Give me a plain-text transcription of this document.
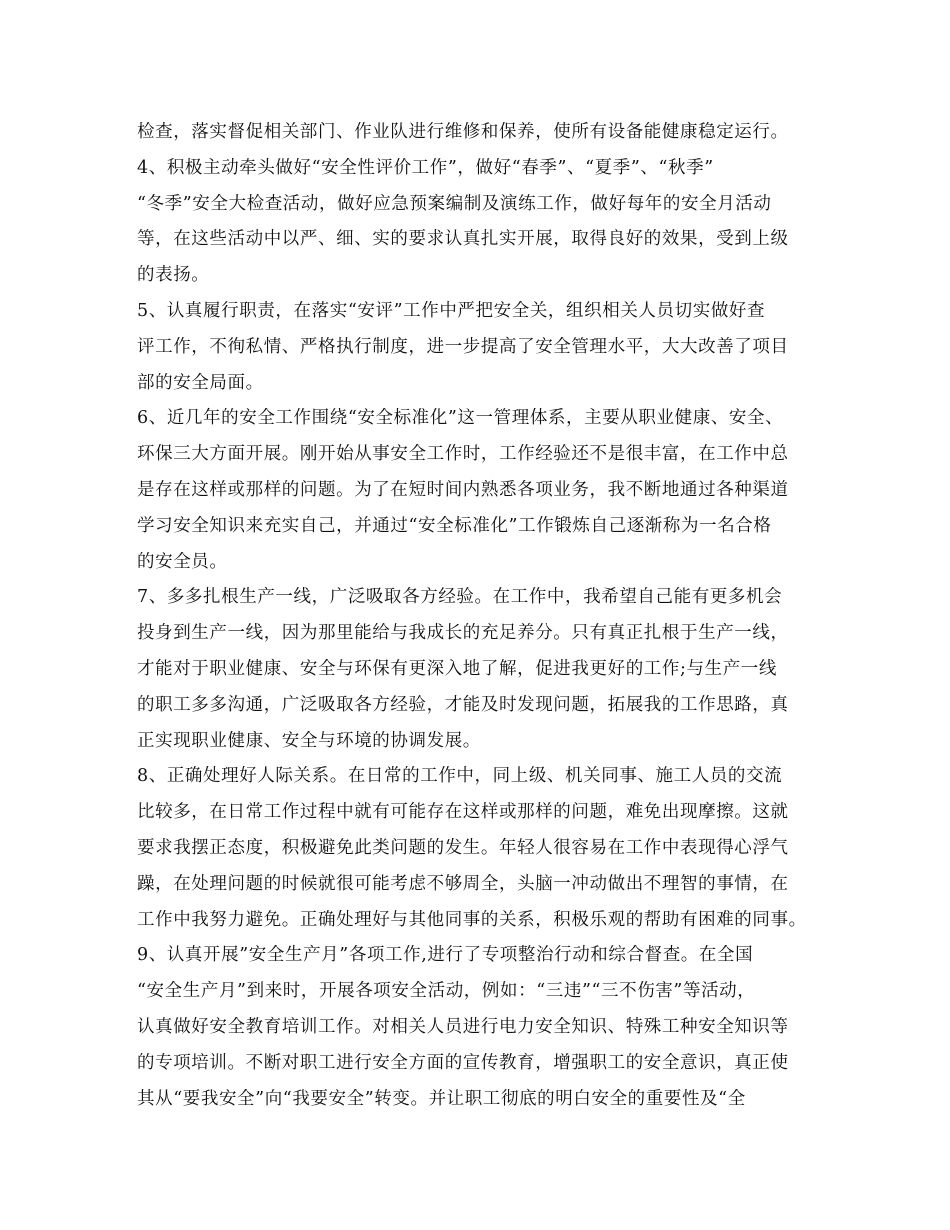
检查，落实督促相关部门、作业队进行维修和保养，使所有设备能健康稳定运行。
4、积极主动牵头做好“安全性评价工作”，做好“春季”、“夏季”、“秋季”
“冬季”安全大检查活动，做好应急预案编制及演练工作，做好每年的安全月活动
等，在这些活动中以严、细、实的要求认真扎实开展，取得良好的效果，受到上级
的表扬。
5、认真履行职责，在落实“安评”工作中严把安全关，组织相关人员切实做好查
评工作，不徇私情、严格执行制度，进一步提高了安全管理水平，大大改善了项目
部的安全局面。
6、近几年的安全工作围绕“安全标准化”这一管理体系，主要从职业健康、安全、
环保三大方面开展。刚开始从事安全工作时，工作经验还不是很丰富，在工作中总
是存在这样或那样的问题。为了在短时间内熟悉各项业务，我不断地通过各种渠道
学习安全知识来充实自己，并通过“安全标准化”工作锻炼自己逐渐称为一名合格
的安全员。
7、多多扎根生产一线，广泛吸取各方经验。在工作中，我希望自己能有更多机会
投身到生产一线，因为那里能给与我成长的充足养分。只有真正扎根于生产一线，
才能对于职业健康、安全与环保有更深入地了解，促进我更好的工作;与生产一线
的职工多多沟通，广泛吸取各方经验，才能及时发现问题，拓展我的工作思路，真
正实现职业健康、安全与环境的协调发展。
8、正确处理好人际关系。在日常的工作中，同上级、机关同事、施工人员的交流
比较多，在日常工作过程中就有可能存在这样或那样的问题，难免出现摩擦。这就
要求我摆正态度，积极避免此类问题的发生。年轻人很容易在工作中表现得心浮气
躁，在处理问题的时候就很可能考虑不够周全，头脑一冲动做出不理智的事情，在
工作中我努力避免。正确处理好与其他同事的关系，积极乐观的帮助有困难的同事。
9、认真开展”安全生产月”各项工作,进行了专项整治行动和综合督查。在全国
“安全生产月”到来时，开展各项安全活动，例如：“三违”“三不伤害”等活动，
认真做好安全教育培训工作。对相关人员进行电力安全知识、特殊工种安全知识等
的专项培训。不断对职工进行安全方面的宣传教育，增强职工的安全意识，真正使
其从“要我安全”向“我要安全”转变。并让职工彻底的明白安全的重要性及“全
